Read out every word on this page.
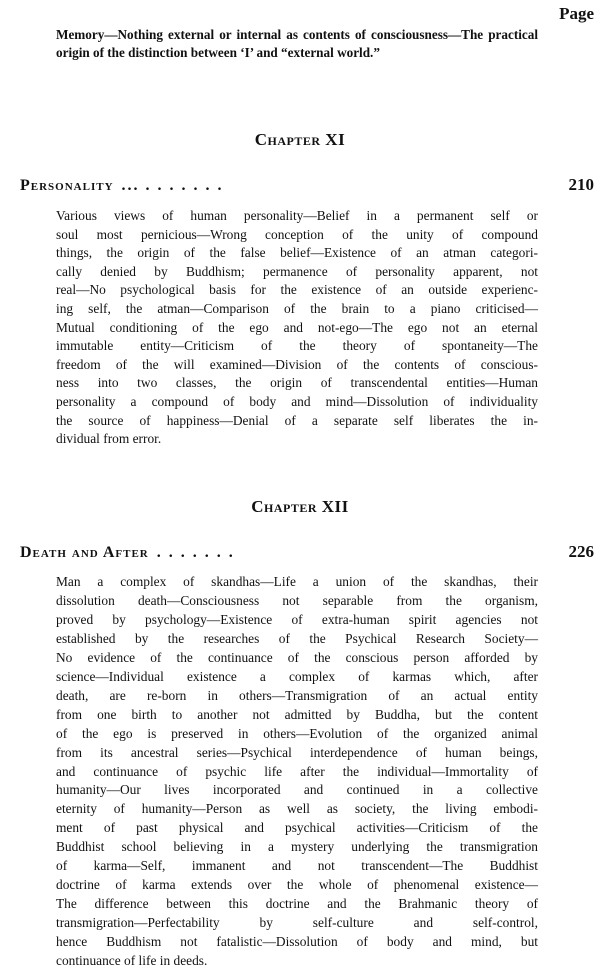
Page
Memory—Nothing external or internal as contents of consciousness—The practical origin of the distinction between ‘I’ and “external world.”
Chapter XI
Personality ... . . . . . . .	210
Various views of human personality—Belief in a permanent self or
soul most pernicious—Wrong conception of the unity of compound
things, the origin of the false belief—Existence of an atman categori-
cally denied by Buddhism; permanence of personality apparent, not
real—No psychological basis for the existence of an outside experienc-
ing self, the atman—Comparison of the brain to a piano criticised—
Mutual conditioning of the ego and not-ego—The ego not an eternal
immutable entity—Criticism of the theory of spontaneity—The
freedom of the will examined—Division of the contents of conscious-
ness into two classes, the origin of transcendental entities—Human
personality a compound of body and mind—Dissolution of individuality
the source of happiness—Denial of a separate self liberates the in-
dividual from error.
Chapter XII
Death and After . . . . . . .	226
Man a complex of skandhas—Life a union of the skandhas, their
dissolution death—Consciousness not separable from the organism,
proved by psychology—Existence of extra-human spirit agencies not
established by the researches of the Psychical Research Society—
No evidence of the continuance of the conscious person afforded by
science—Individual existence a complex of karmas which, after
death, are re-born in others—Transmigration of an actual entity
from one birth to another not admitted by Buddha, but the content
of the ego is preserved in others—Evolution of the organized animal
from its ancestral series—Psychical interdependence of human beings,
and continuance of psychic life after the individual—Immortality of
humanity—Our lives incorporated and continued in a collective
eternity of humanity—Person as well as society, the living embodi-
ment of past physical and psychical activities—Criticism of the
Buddhist school believing in a mystery underlying the transmigration
of karma—Self, immanent and not transcendent—The Buddhist
doctrine of karma extends over the whole of phenomenal existence—
The difference between this doctrine and the Brahmanic theory of
transmigration—Perfectability by self-culture and self-control,
hence Buddhism not fatalistic—Dissolution of body and mind, but
continuance of life in deeds.
